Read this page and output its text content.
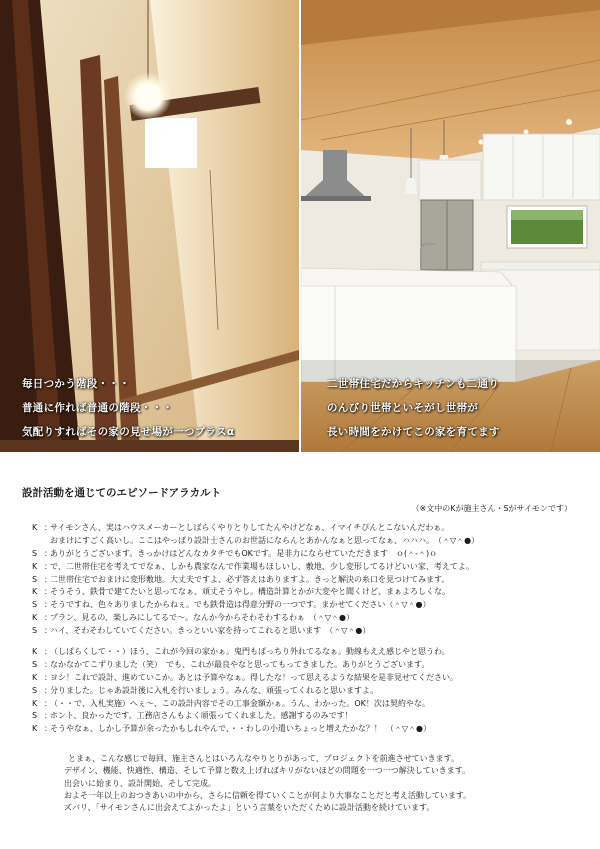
毎日つかう階段・・・
普通に作れば普通の階段・・・
気配りすればその家の見せ場が一つプラスα
二世帯住宅だからキッチンも二通り
のんびり世帯といそがし世帯が
長い時間をかけてこの家を育てます
設計活動を通じてのエピソードアラカルト
（※文中のKが施主さん・Sがサイモンです）
K ：サイモンさん、実はハウスメーカーとしばらくやりとりしてたんやけどなぁ、イマイチぴんとこないんだわぁ。
おまけにすごく高いし。ここはやっぱり設計士さんのお世話にならんとあかんなぁと思ってなぁ、ハハハ。　（＾▽＾●）
S ：ありがとうございます。きっかけはどんなカタチでもOKです。是非力にならせていただきます　ｏ(＾-＾)ｏ
K ：で、二世帯住宅を考えてでなぁ、しかも農家なんで作業場もほしいし、敷地、少し変形してるけどいい家、考えてよ。
S ：二世帯住宅でおまけに変形敷地。大丈夫ですよ、必ず答えはありますよ。きっと解決の糸口を見つけてみます。
K ：そうそう、鉄骨で建てたいと思ってなぁ、頑丈そうやし。構造計算とかが大変やと聞くけど、まぁよろしくな。
S ：そうですね、色々ありましたからねぇ。でも鉄骨造は得意分野の一つです。まかせてください（＾▽＾●）
K ：プラン、見るの、楽しみにしてるで〜。なんか今からそわそわするわぁ　（＾▽＾●）
S ：ハイ、そわそわしていてください。きっといい家を持ってこれると思います　（＾▽＾●）
K ：（しばらくして・・）ほう、これが今回の家かぁ。鬼門もばっちり外れてるなぁ。動線もええ感じやと思うわ。
S ：なかなかてこずりました（笑）　でも、これが最良やなと思ってもってきました。ありがとうございます。
K ：ヨシ！これで設計、進めていこか。あとは予算やなぁ。得したな！って思えるような結果を是非見せてください。
S ：分りました。じゃあ設計後に入札を行いましょう。みんな、頑張ってくれると思いますよ。
K ：（・・で、入札実施）へぇ〜、この設計内容でその工事金額かぁ。うん、わかった。OK！次は契約やな。
S ：ホント、良かったです。工務店さんもよく頑張ってくれました。感謝するのみです！
K ：そうやなぁ、しかし予算が余ったかもしれやんで、・・わしの小遣いちょっと増えたかな？！　（＾▽＾●）
とまぁ、こんな感じで毎回、施主さんとはいろんなやりとりがあって、プロジェクトを前進させていきます。
デザイン、機能、快適性、構造、そして予算と数え上げればキリがないほどの問題を一つ一つ解決していきます。
出会いに始まり、設計開始、そして完成。
およそ一年以上のおつきあいの中から、さらに信頼を得ていくことが何より大事なことだと考え活動しています。
ズバリ、「サイモンさんに出会えてよかったよ」という言葉をいただくために設計活動を続けています。
